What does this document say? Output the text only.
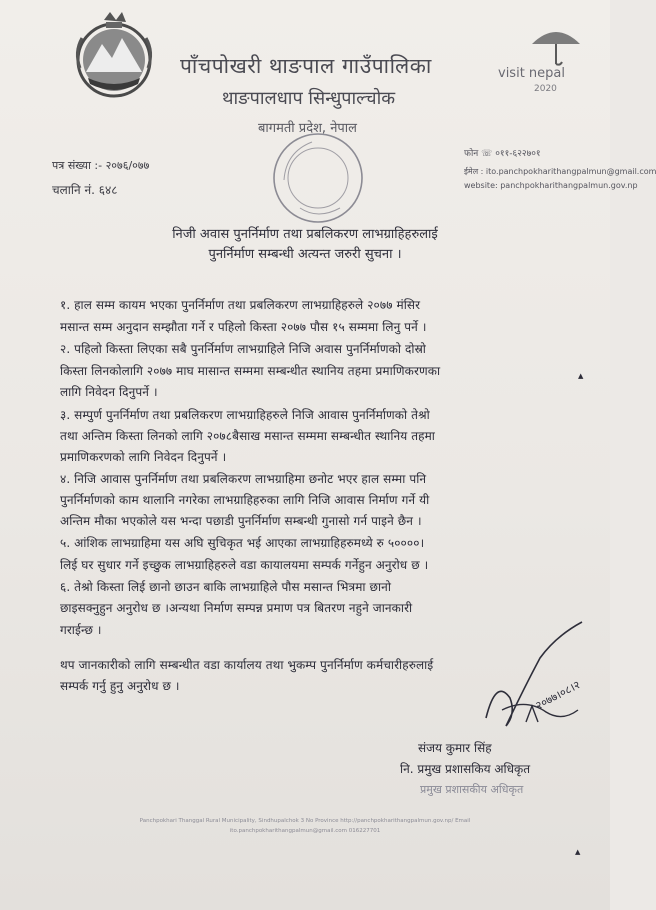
visit nepal
2020
पाँचपोखरी थाङपाल गाउँपालिका
थाङपालधाप सिन्धुपाल्चोक
बागमती प्रदेश, नेपाल
पत्र संख्या :- २०७६/०७७
चलानि नं. ६४८
फोन ☏ ०११-६२२७०१
ईमेल : ito.panchpokharithangpalmun@gmail.com
website: panchpokharithangpalmun.gov.np
निजी अवास पुनर्निर्माण तथा प्रबलिकरण लाभग्राहिहरुलाई
पुनर्निर्माण सम्बन्धी अत्यन्त जरुरी सुचना ।
१. हाल सम्म कायम भएका पुनर्निर्माण तथा प्रबलिकरण लाभग्राहिहरुले २०७७ मंसिर
मसान्त सम्म अनुदान सम्झौता गर्ने र पहिलो किस्ता २०७७ पौस १५ सम्ममा लिनु पर्ने ।
२. पहिलो किस्ता लिएका सबै पुनर्निर्माण लाभग्राहिले निजि अवास पुनर्निर्माणको दोस्रो
किस्ता लिनकोलागि २०७७ माघ मासान्त सम्ममा सम्बन्धीत स्थानिय तहमा प्रमाणिकरणका
लागि निवेदन दिनुपर्ने ।
३. सम्पुर्ण पुनर्निर्माण तथा प्रबलिकरण लाभग्राहिहरुले निजि आवास पुनर्निर्माणको तेश्रो
तथा अन्तिम किस्ता लिनको लागि २०७८बैसाख मसान्त सम्ममा सम्बन्धीत स्थानिय तहमा
प्रमाणिकरणको लागि निवेदन दिनुपर्ने ।
४. निजि आवास पुनर्निर्माण तथा प्रबलिकरण लाभग्राहिमा छनोट भएर हाल सम्मा पनि
पुनर्निर्माणको काम थालानि नगरेका लाभग्राहिहरुका लागि निजि आवास निर्माण गर्ने यी
अन्तिम मौका भएकोले यस भन्दा पछाडी पुनर्निर्माण सम्बन्धी गुनासो गर्न पाइने छैन ।
५. आंशिक लाभग्राहिमा यस अघि सुचिकृत भई आएका लाभग्राहिहरुमध्ये रु ५००००।
लिई घर सुधार गर्ने इच्छुक लाभग्राहिहरुले वडा कायालयमा सम्पर्क गर्नेहुन अनुरोध छ ।
६. तेश्रो किस्ता लिई छानो छाउन बाकि लाभग्राहिले पौस मसान्त भित्रमा छानो
छाइसक्नुहुन अनुरोध छ ।अन्यथा निर्माण सम्पन्न प्रमाण पत्र बितरण नहुने जानकारी
गराईन्छ ।
थप जानकारीको लागि सम्बन्धीत वडा कार्यालय तथा भुकम्प पुनर्निर्माण कर्मचारीहरुलाई
सम्पर्क गर्नु हुनु अनुरोध छ ।	२०७७।०८।२
संजय कुमार सिंह
नि. प्रमुख प्रशासकिय अधिकृत
प्रमुख प्रशासकीय अधिकृत
Panchpokhari Thanggal Rural Municipality, Sindhupalchok 3 No Province http://panchpokharithangpalmun.gov.np/ Email
ito.panchpokharithangpalmun@gmail.com 016227701
▲
▲
